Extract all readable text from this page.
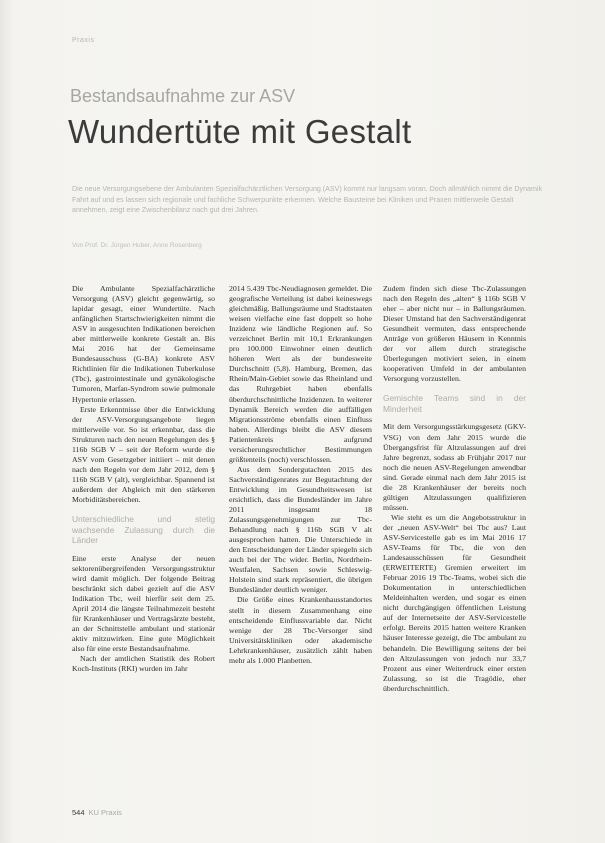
Praxis
Bestandsaufnahme zur ASV
Wundertüte mit Gestalt

Die neue Versorgungsebene der Ambulanten Spezialfachärztlichen Versorgung (ASV) kommt nur langsam voran. Doch allmählich nimmt die Dynamik Fahrt auf und es lassen sich regionale und fachliche Schwerpunkte erkennen. Welche Bausteine bei Kliniken und Praxen mittlerweile Gestalt annehmen, zeigt eine Zwischenbilanz nach gut drei Jahren.

Von Prof. Dr. Jürgen Huber, Anne Rosenberg

Die Ambulante Spezialfachärztliche Versorgung (ASV) gleicht gegenwärtig, so lapidar gesagt, einer Wundertüte. Nach anfänglichen Startschwierigkeiten nimmt die ASV in ausgesuchten Indikationen bereichen aber mittlerweile konkrete Gestalt an. Bis Mai 2016 hat der Gemeinsame Bundesausschuss (G-BA) konkrete ASV Richtlinien für die Indikationen Tuberkulose (Tbc), gastrointestinale und gynäkologische Tumoren, Marfan-Syndrom sowie pulmonale Hypertonie erlassen.

Erste Erkenntnisse über die Entwicklung der ASV-Versorgungsangebote liegen mittlerweile vor. So ist erkennbar, dass die Strukturen nach den neuen Regelungen des § 116b SGB V – seit der Reform wurde die ASV vom Gesetzgeber initiiert – mit denen nach den Regeln vor dem Jahr 2012, dem § 116b SGB V (alt), vergleichbar. Spannend ist außerdem der Abgleich mit den stärkeren Morbiditätsbereichen.

Unterschiedliche und stetig wachsende Zulassung durch die Länder

Eine erste Analyse der neuen sektorenübergreifenden Versorgungsstruktur wird damit möglich. Der folgende Beitrag beschränkt sich dabei gezielt auf die ASV Indikation Tbc, weil hierfür seit dem 25. April 2014 die längste Teilnahmezeit besteht für Krankenhäuser und Vertragsärzte besteht, an der Schnittstelle ambulant und stationär aktiv mitzuwirken. Eine gute Möglichkeit also für eine erste Bestandsaufnahme.

Nach der amtlichen Statistik des Robert Koch-Instituts (RKI) wurden im Jahr

2014 5.439 Tbc-Neudiagnosen gemeldet. Die geografische Verteilung ist dabei keineswegs gleichmäßig. Ballungsräume und Stadtstaaten weisen vielfache eine fast doppelt so hohe Inzidenz wie ländliche Regionen auf. So verzeichnet Berlin mit 10,1 Erkrankungen pro 100.000 Einwohner einen deutlich höheren Wert als der bundesweite Durchschnitt (5,8). Hamburg, Bremen, das Rhein/Main-Gebiet sowie das Rheinland und das Ruhrgebiet haben ebenfalls überdurchschnittliche Inzidenzen. In weiterer Dynamik Bereich werden die auffälligen Migrationsströme ebenfalls einen Einfluss haben. Allerdings bleibt die ASV diesem Patientenkreis aufgrund versicherungsrechtlicher Bestimmungen größtenteils (noch) verschlossen.

Aus dem Sondergutachten 2015 des Sachverständigenrates zur Begutachtung der Entwicklung im Gesundheitswesen ist ersichtlich, dass die Bundesländer im Jahre 2011 insgesamt 18 Zulassungsgenehmigungen zur Tbc-Behandlung nach § 116b SGB V alt ausgesprochen hatten. Die Unterschiede in den Entscheidungen der Länder spiegeln sich auch bei der Tbc wider. Berlin, Nordrhein-Westfalen, Sachsen sowie Schleswig-Holstein sind stark repräsentiert, die übrigen Bundesländer deutlich weniger.

Die Größe eines Krankenhausstandortes stellt in diesem Zusammenhang eine entscheidende Einflussvariable dar. Nicht wenige der 28 Tbc-Versorger sind Universitätskliniken oder akademische Lehrkrankenhäuser, zusätzlich zählt haben mehr als 1.000 Planbetten.

Zudem finden sich diese Tbc-Zulassungen nach den Regeln des „alten“ § 116b SGB V eher – aber nicht nur – in Ballungsräumen. Dieser Umstand hat den Sachverständigenrat Gesundheit vermuten, dass entsprechende Anträge von größeren Häusern in Kenntnis der vor allem durch strategische Überlegungen motiviert seien, in einem kooperativen Umfeld in der ambulanten Versorgung vorzustellen.

Gemischte Teams sind in der Minderheit

Mit dem Versorgungsstärkungsgesetz (GKV-VSG) von dem Jahr 2015 wurde die Übergangsfrist für Altzulassungen auf drei Jahre begrenzt, sodass ab Frühjahr 2017 nur noch die neuen ASV-Regelungen anwendbar sind. Gerade einmal nach dem Jahr 2015 ist die 28 Krankenhäuser der bereits noch gültigen Altzulassungen qualifizieren müssen.

Wie steht es um die Angebotsstruktur in der „neuen ASV-Welt“ bei Tbc aus? Laut ASV-Servicestelle gab es im Mai 2016 17 ASV-Teams für Tbc, die von den Landesausschüssen für Gesundheit (ERWEITERTE) Gremien erweitert im Februar 2016 19 Tbc-Teams, wobei sich die Dokumentation in unterschiedlichen Meldeinhalten werden, und sogar es einen nicht durchgängigen öffentlichen Leistung auf der Internetseite der ASV-Servicestelle erfolgt. Bereits 2015 hatten weitere Kranken häuser Interesse gezeigt, die Tbc ambulant zu behandeln. Die Bewilligung seitens der bei den Altzulassungen von jedoch nur 33,7 Prozent aus einer Weiterdruck einer ersten Zulassung, so ist die Tragödie, eher überdurchschnittlich.

544 KU Praxis
